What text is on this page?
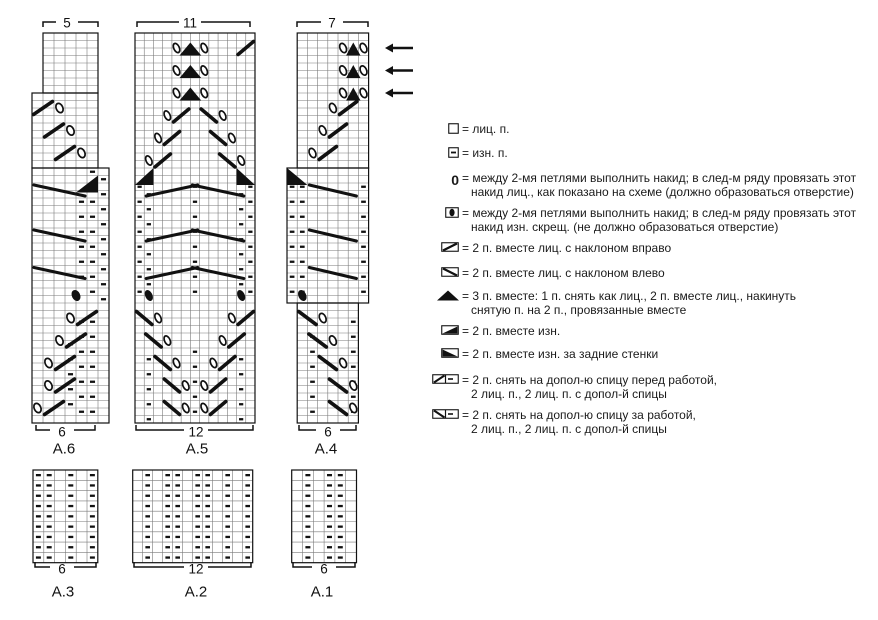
5
6
A.6
11
12
A.5
7
6
A.4
6
A.3
12
A.2
6
A.1
= лиц. п.
= изн. п.
0 = между 2-мя петлями выполнить накид; в след-м ряду провязать этот
накид лиц., как показано на схеме (должно образоваться отверстие)
= между 2-мя петлями выполнить накид; в след-м ряду провязать этот
накид изн. скрещ. (не должно образоваться отверстие)
= 2 п. вместе лиц. с наклоном вправо
= 2 п. вместе лиц. с наклоном влево
= 3 п. вместе: 1 п. снять как лиц., 2 п. вместе лиц., накинуть
снятую п. на 2 п., провязанные вместе
= 2 п. вместе изн.
= 2 п. вместе изн. за задние стенки
= 2 п. снять на допол-ю спицу перед работой,
2 лиц. п., 2 лиц. п. с допол-й спицы
= 2 п. снять на допол-ю спицу за работой,
2 лиц. п., 2 лиц. п. с допол-й спицы
